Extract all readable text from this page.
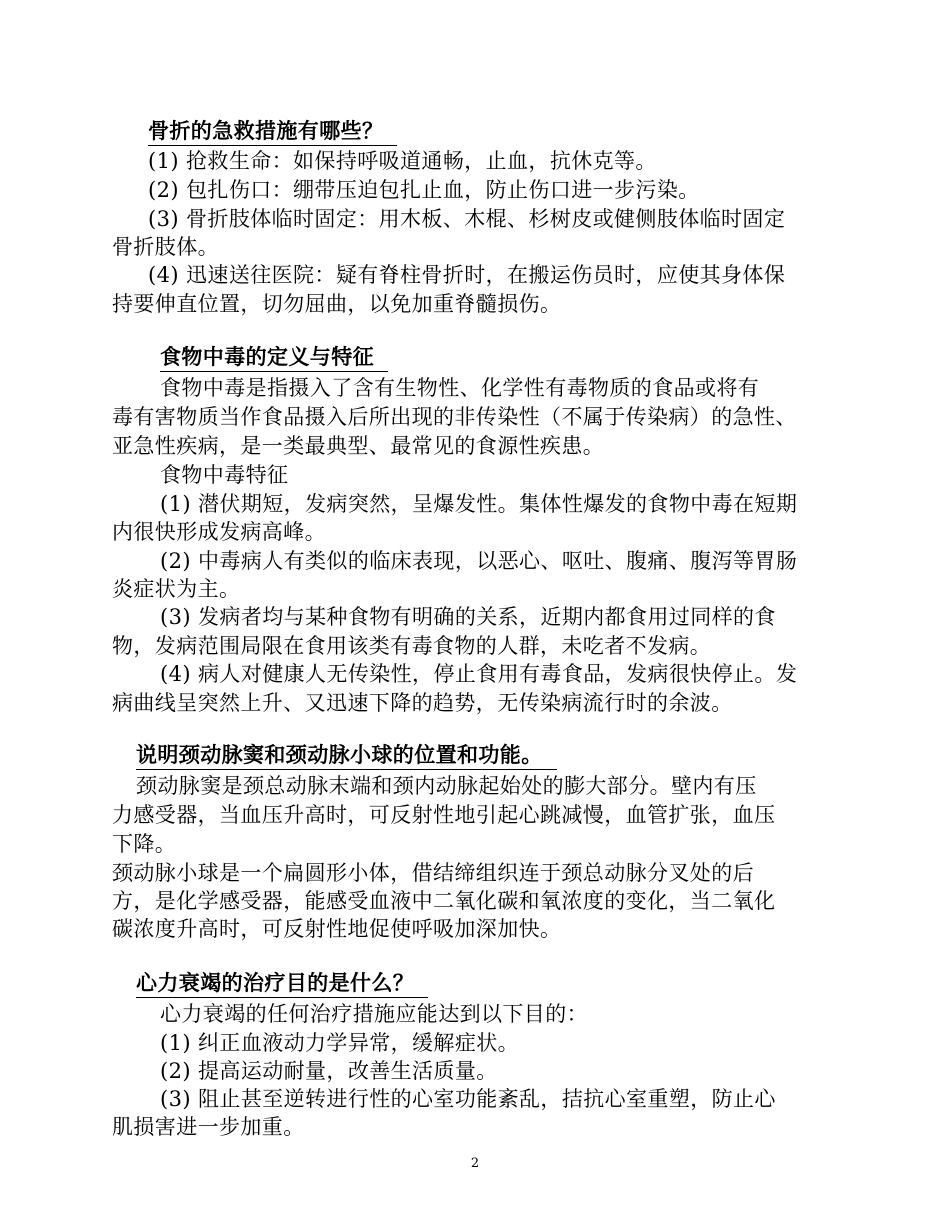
骨折的急救措施有哪些？
(1) 抢救生命：如保持呼吸道通畅，止血，抗休克等。
(2) 包扎伤口：绷带压迫包扎止血，防止伤口进一步污染。
(3) 骨折肢体临时固定：用木板、木棍、杉树皮或健侧肢体临时固定
骨折肢体。
(4) 迅速送往医院：疑有脊柱骨折时，在搬运伤员时，应使其身体保
持要伸直位置，切勿屈曲，以免加重脊髓损伤。
食物中毒的定义与特征
食物中毒是指摄入了含有生物性、化学性有毒物质的食品或将有
毒有害物质当作食品摄入后所出现的非传染性（不属于传染病）的急性、
亚急性疾病，是一类最典型、最常见的食源性疾患。
食物中毒特征
(1) 潜伏期短，发病突然，呈爆发性。集体性爆发的食物中毒在短期
内很快形成发病高峰。
(2) 中毒病人有类似的临床表现，以恶心、呕吐、腹痛、腹泻等胃肠
炎症状为主。
(3) 发病者均与某种食物有明确的关系，近期内都食用过同样的食
物，发病范围局限在食用该类有毒食物的人群，未吃者不发病。
(4) 病人对健康人无传染性，停止食用有毒食品，发病很快停止。发
病曲线呈突然上升、又迅速下降的趋势，无传染病流行时的余波。
说明颈动脉窦和颈动脉小球的位置和功能。
颈动脉窦是颈总动脉末端和颈内动脉起始处的膨大部分。壁内有压
力感受器，当血压升高时，可反射性地引起心跳减慢，血管扩张，血压
下降。
颈动脉小球是一个扁圆形小体，借结缔组织连于颈总动脉分叉处的后
方，是化学感受器，能感受血液中二氧化碳和氧浓度的变化，当二氧化
碳浓度升高时，可反射性地促使呼吸加深加快。
心力衰竭的治疗目的是什么？
心力衰竭的任何治疗措施应能达到以下目的：
(1) 纠正血液动力学异常，缓解症状。
(2) 提高运动耐量，改善生活质量。
(3) 阻止甚至逆转进行性的心室功能紊乱，拮抗心室重塑，防止心
肌损害进一步加重。
2
